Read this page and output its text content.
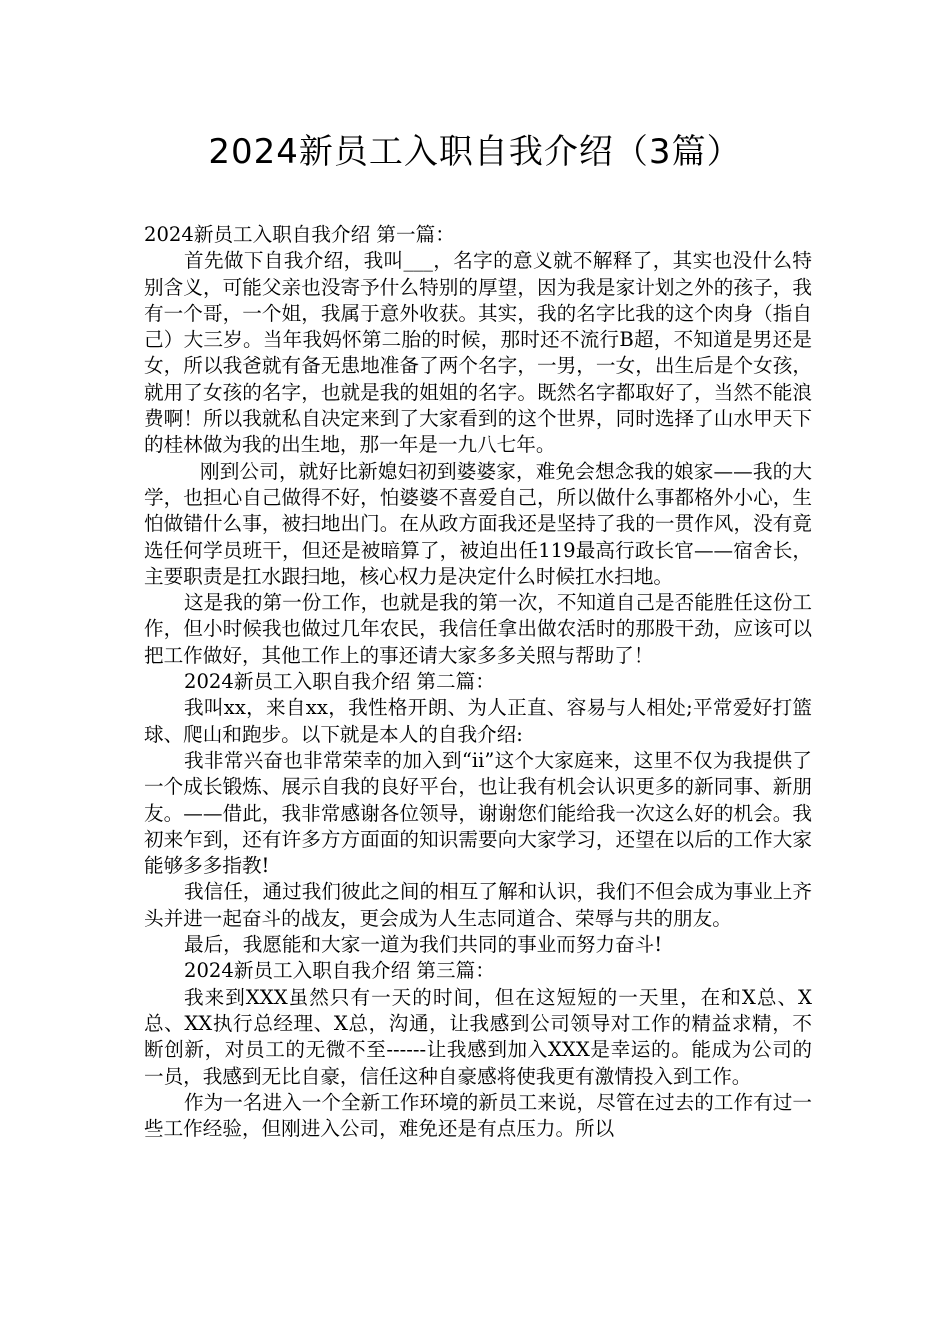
2024新员工入职自我介绍（3篇）

2024新员工入职自我介绍 第一篇：

首先做下自我介绍，我叫___，名字的意义就不解释了，其实也没什么特别含义，可能父亲也没寄予什么特别的厚望，因为我是家计划之外的孩子，我有一个哥，一个姐，我属于意外收获。其实，我的名字比我的这个肉身（指自己）大三岁。当年我妈怀第二胎的时候，那时还不流行B超，不知道是男还是女，所以我爸就有备无患地准备了两个名字，一男，一女，出生后是个女孩，就用了女孩的名字，也就是我的姐姐的名字。既然名字都取好了，当然不能浪费啊！所以我就私自决定来到了大家看到的这个世界，同时选择了山水甲天下的桂林做为我的出生地，那一年是一九八七年。

刚到公司，就好比新媳妇初到婆婆家，难免会想念我的娘家——我的大学，也担心自己做得不好，怕婆婆不喜爱自己，所以做什么事都格外小心，生怕做错什么事，被扫地出门。在从政方面我还是坚持了我的一贯作风，没有竟选任何学员班干，但还是被暗算了，被迫出任119最高行政长官——宿舍长，主要职责是扛水跟扫地，核心权力是决定什么时候扛水扫地。

这是我的第一份工作，也就是我的第一次，不知道自己是否能胜任这份工作，但小时候我也做过几年农民，我信任拿出做农活时的那股干劲，应该可以把工作做好，其他工作上的事还请大家多多关照与帮助了！

2024新员工入职自我介绍 第二篇：

我叫xx，来自xx，我性格开朗、为人正直、容易与人相处;平常爱好打篮球、爬山和跑步。以下就是本人的自我介绍:

我非常兴奋也非常荣幸的加入到“ii”这个大家庭来，这里不仅为我提供了一个成长锻炼、展示自我的良好平台，也让我有机会认识更多的新同事、新朋友。——借此，我非常感谢各位领导，谢谢您们能给我一次这么好的机会。我初来乍到，还有许多方方面面的知识需要向大家学习，还望在以后的工作大家能够多多指教!

我信任，通过我们彼此之间的相互了解和认识，我们不但会成为事业上齐头并进一起奋斗的战友，更会成为人生志同道合、荣辱与共的朋友。

最后，我愿能和大家一道为我们共同的事业而努力奋斗!

2024新员工入职自我介绍 第三篇：

我来到XXX虽然只有一天的时间，但在这短短的一天里，在和X总、X总、XX执行总经理、X总，沟通，让我感到公司领导对工作的精益求精，不断创新，对员工的无微不至------让我感到加入XXX是幸运的。能成为公司的一员，我感到无比自豪，信任这种自豪感将使我更有激情投入到工作。

作为一名进入一个全新工作环境的新员工来说，尽管在过去的工作有过一些工作经验，但刚进入公司，难免还是有点压力。所以
